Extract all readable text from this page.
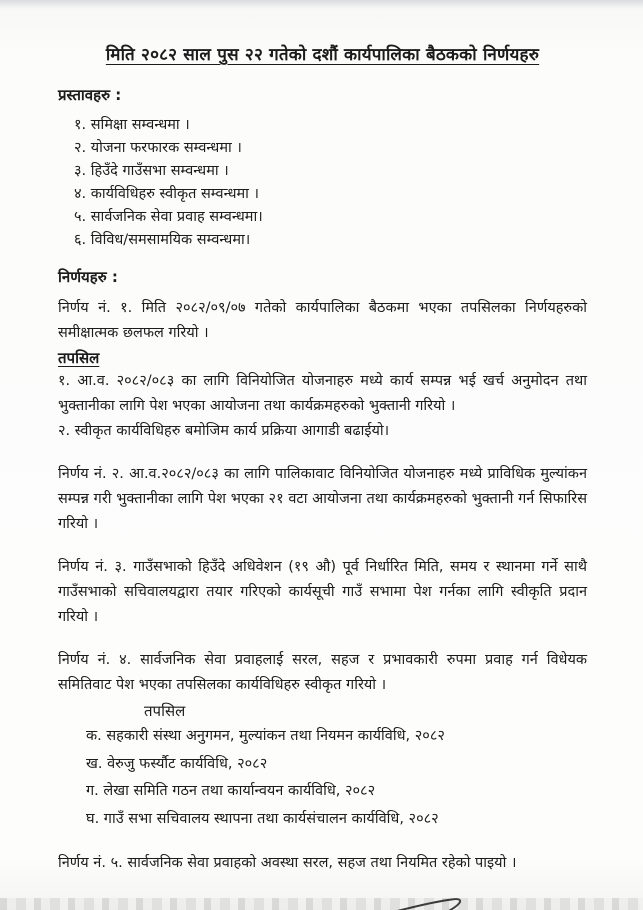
मिति २०८२ साल पुस २२ गतेको दशौं कार्यपालिका बैठकको निर्णयहरु

प्रस्तावहरु :

१. समिक्षा सम्वन्धमा ।

२. योजना फरफारक सम्वन्धमा ।

३. हिउँदे गाउँसभा सम्वन्धमा ।

४. कार्यविधिहरु स्वीकृत सम्वन्धमा ।

५. सार्वजनिक सेवा प्रवाह सम्वन्धमा।

६. विविध/समसामयिक सम्वन्धमा।

निर्णयहरु :

निर्णय नं. १. मिति २०८२/०९/०७ गतेको कार्यपालिका बैठकमा भएका तपसिलका निर्णयहरुको समीक्षात्मक छलफल गरियो ।

तपसिल

१. आ.व. २०८२/०८३ का लागि विनियोजित योजनाहरु मध्ये कार्य सम्पन्न भई खर्च अनुमोदन तथा भुक्तानीका लागि पेश भएका आयोजना तथा कार्यक्रमहरुको भुक्तानी गरियो ।

२. स्वीकृत कार्यविधिहरु बमोजिम कार्य प्रक्रिया आगाडी बढाईयो।

निर्णय नं. २. आ.व.२०८२/०८३ का लागि पालिकावाट विनियोजित योजनाहरु मध्ये प्राविधिक मुल्यांकन सम्पन्न गरी भुक्तानीका लागि पेश भएका २१ वटा आयोजना तथा कार्यक्रमहरुको भुक्तानी गर्न सिफारिस गरियो ।

निर्णय नं. ३. गाउँसभाको हिउँदे अधिवेशन (१९ औ) पूर्व निर्धारित मिति, समय र स्थानमा गर्ने साथै गाउँसभाको सचिवालयद्वारा तयार गरिएको कार्यसूची गाउँ सभामा पेश गर्नका लागि स्वीकृति प्रदान गरियो ।

निर्णय नं. ४. सार्वजनिक सेवा प्रवाहलाई सरल, सहज र प्रभावकारी रुपमा प्रवाह गर्न विधेयक समितिवाट पेश भएका तपसिलका कार्यविधिहरु स्वीकृत गरियो ।

तपसिल

क. सहकारी संस्था अनुगमन, मुल्यांकन तथा नियमन कार्यविधि, २०८२

ख. वेरुजु फर्स्यौट कार्यविधि, २०८२

ग. लेखा समिति गठन तथा कार्यान्वयन कार्यविधि, २०८२

घ. गाउँ सभा सचिवालय स्थापना तथा कार्यसंचालन कार्यविधि, २०८२

निर्णय नं. ५. सार्वजनिक सेवा प्रवाहको अवस्था सरल, सहज तथा नियमित रहेको पाइयो ।
